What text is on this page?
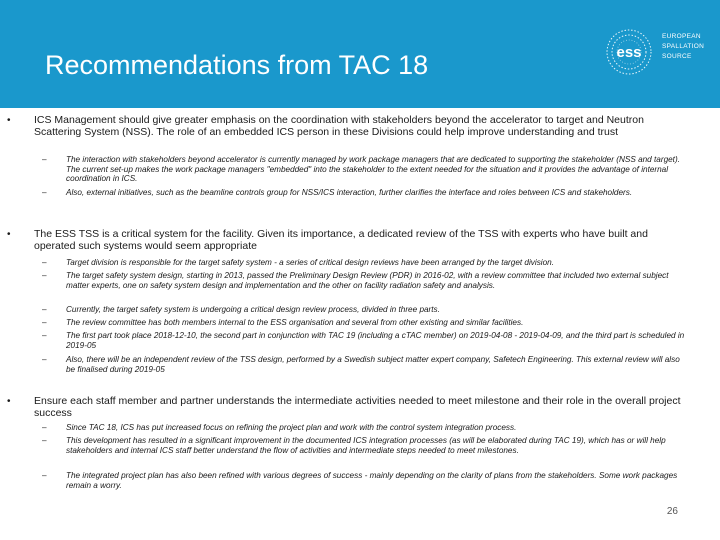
Recommendations from TAC 18	ess
EUROPEAN
SPALLATION
SOURCE
• ICS Management should give greater emphasis on the coordination with stakeholders beyond the accelerator to target and Neutron Scattering System (NSS). The role of an embedded ICS person in these Divisions could help improve understanding and trust
– The interaction with stakeholders beyond accelerator is currently managed by work package managers that are dedicated to supporting the stakeholder (NSS and target). The current set-up makes the work package managers "embedded" into the stakeholder to the extent needed for the situation and it provides the advantage of internal coordination in ICS.
– Also, external initiatives, such as the beamline controls group for NSS/ICS interaction, further clarifies the interface and roles between ICS and stakeholders.
• The ESS TSS is a critical system for the facility. Given its importance, a dedicated review of the TSS with experts who have built and operated such systems would seem appropriate
– Target division is responsible for the target safety system - a series of critical design reviews have been arranged by the target division.
– The target safety system design, starting in 2013, passed the Preliminary Design Review (PDR) in 2016-02, with a review committee that included two external subject matter experts, one on safety system design and implementation and the other on facility radiation safety and analysis.
– Currently, the target safety system is undergoing a critical design review process, divided in three parts.
– The review committee has both members internal to the ESS organisation and several from other existing and similar facilities.
– The first part took place 2018-12-10, the second part in conjunction with TAC 19 (including a cTAC member) on 2019-04-08 - 2019-04-09, and the third part is scheduled in 2019-05
– Also, there will be an independent review of the TSS design, performed by a Swedish subject matter expert company, Safetech Engineering. This external review will also be finalised during 2019-05
• Ensure each staff member and partner understands the intermediate activities needed to meet milestone and their role in the overall project success
– Since TAC 18, ICS has put increased focus on refining the project plan and work with the control system integration process.
– This development has resulted in a significant improvement in the documented ICS integration processes (as will be elaborated during TAC 19), which has or will help stakeholders and internal ICS staff better understand the flow of activities and intermediate steps needed to meet milestones.
– The integrated project plan has also been refined with various degrees of success - mainly depending on the clarity of plans from the stakeholders. Some work packages remain a worry.
26
